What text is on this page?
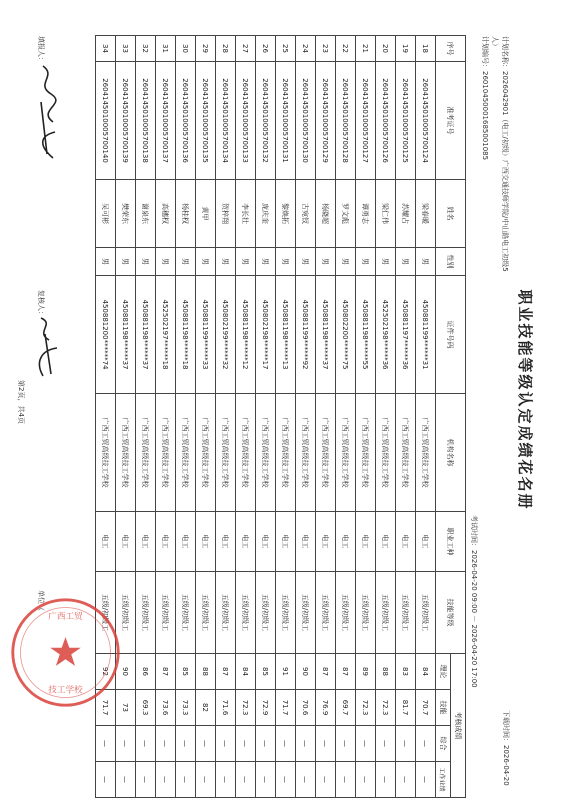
职业技能等级认定成绩花名册
计划名称：2026042901（电工/初级）广西交通技师学院/中山路电工初级5
人）
计划编号：26010450001685001085
考试时间：2026-04-20 09:00 － 2026-04-20 17:00
下载时间：2026-04-20
序号	准考证号	姓名	性别	证件号码	机构名称	职业工种	技能等级	考核成绩			
								理论	技能	综合	工作业绩
18	2604145010005700124	梁春暖	男	450881199******31	广西工贸高级技工学校	电工	五级/初级工	84	70.7	—	—
19	2604145010005700125	苏耀占	男	450881197******36	广西工贸高级技工学校	电工	五级/初级工	83	81.7	—	—
20	2604145010005700126	梁仁伟	男	452502198******36	广西工贸高级技工学校	电工	五级/初级工	88	72.3	—	—
21	2604145010005700127	谭勇志	男	450881198******55	广西工贸高级技工学校	电工	五级/初级工	89	72.3	—	—
22	2604145010005700128	罗文彪	男	450802200******75	广西工贸高级技工学校	电工	五级/初级工	87	69.7	—	—
23	2604145010005700129	杨晓超	男	450881198******37	广西工贸高级技工学校	电工	五级/初级工	87	76.9	—	—
24	2604145010005700130	古宛钗	男	450881199******92	广西工贸高级技工学校	电工	五级/初级工	90	70.6	—	—
25	2604145010005700131	黎焕拓	男	450881198******13	广西工贸高级技工学校	电工	五级/初级工	91	71.7	—	—
26	2604145010005700132	庞庆奎	男	450802198******17	广西工贸高级技工学校	电工	五级/初级工	85	72.9	—	—
27	2604145010005700133	李长壮	男	450881198******12	广西工贸高级技工学校	电工	五级/初级工	84	72.3	—	—
28	2604145010005700134	贺梓翔	男	450802199******32	广西工贸高级技工学校	电工	五级/初级工	87	71.6	—	—
29	2604145010005700135	黄甲	男	450881199******33	广西工贸高级技工学校	电工	五级/初级工	88	82	—	—
30	2604145010005700136	杨桂权	男	450881198******18	广西工贸高级技工学校	电工	五级/初级工	85	73.3	—	—
31	2604145010005700137	高穗权	男	452502197******18	广西工贸高级技工学校	电工	五级/初级工	87	73.6	—	—
32	2604145010005700138	谢泉东	男	450881198******37	广西工贸高级技工学校	电工	五级/初级工	86	69.3	—	—
33	2604145010005700139	樊荣东	男	450881198******37	广西工贸高级技工学校	电工	五级/初级工	90	73	—	—
34	2604145010005700140	吴可彬	男	450881200******74	广西工贸高级技工学校	电工	五级/初级工	92	71.7	—	—
填报人：
复核人：
单位（
第2页，共4页
广西工贸
技工学校
